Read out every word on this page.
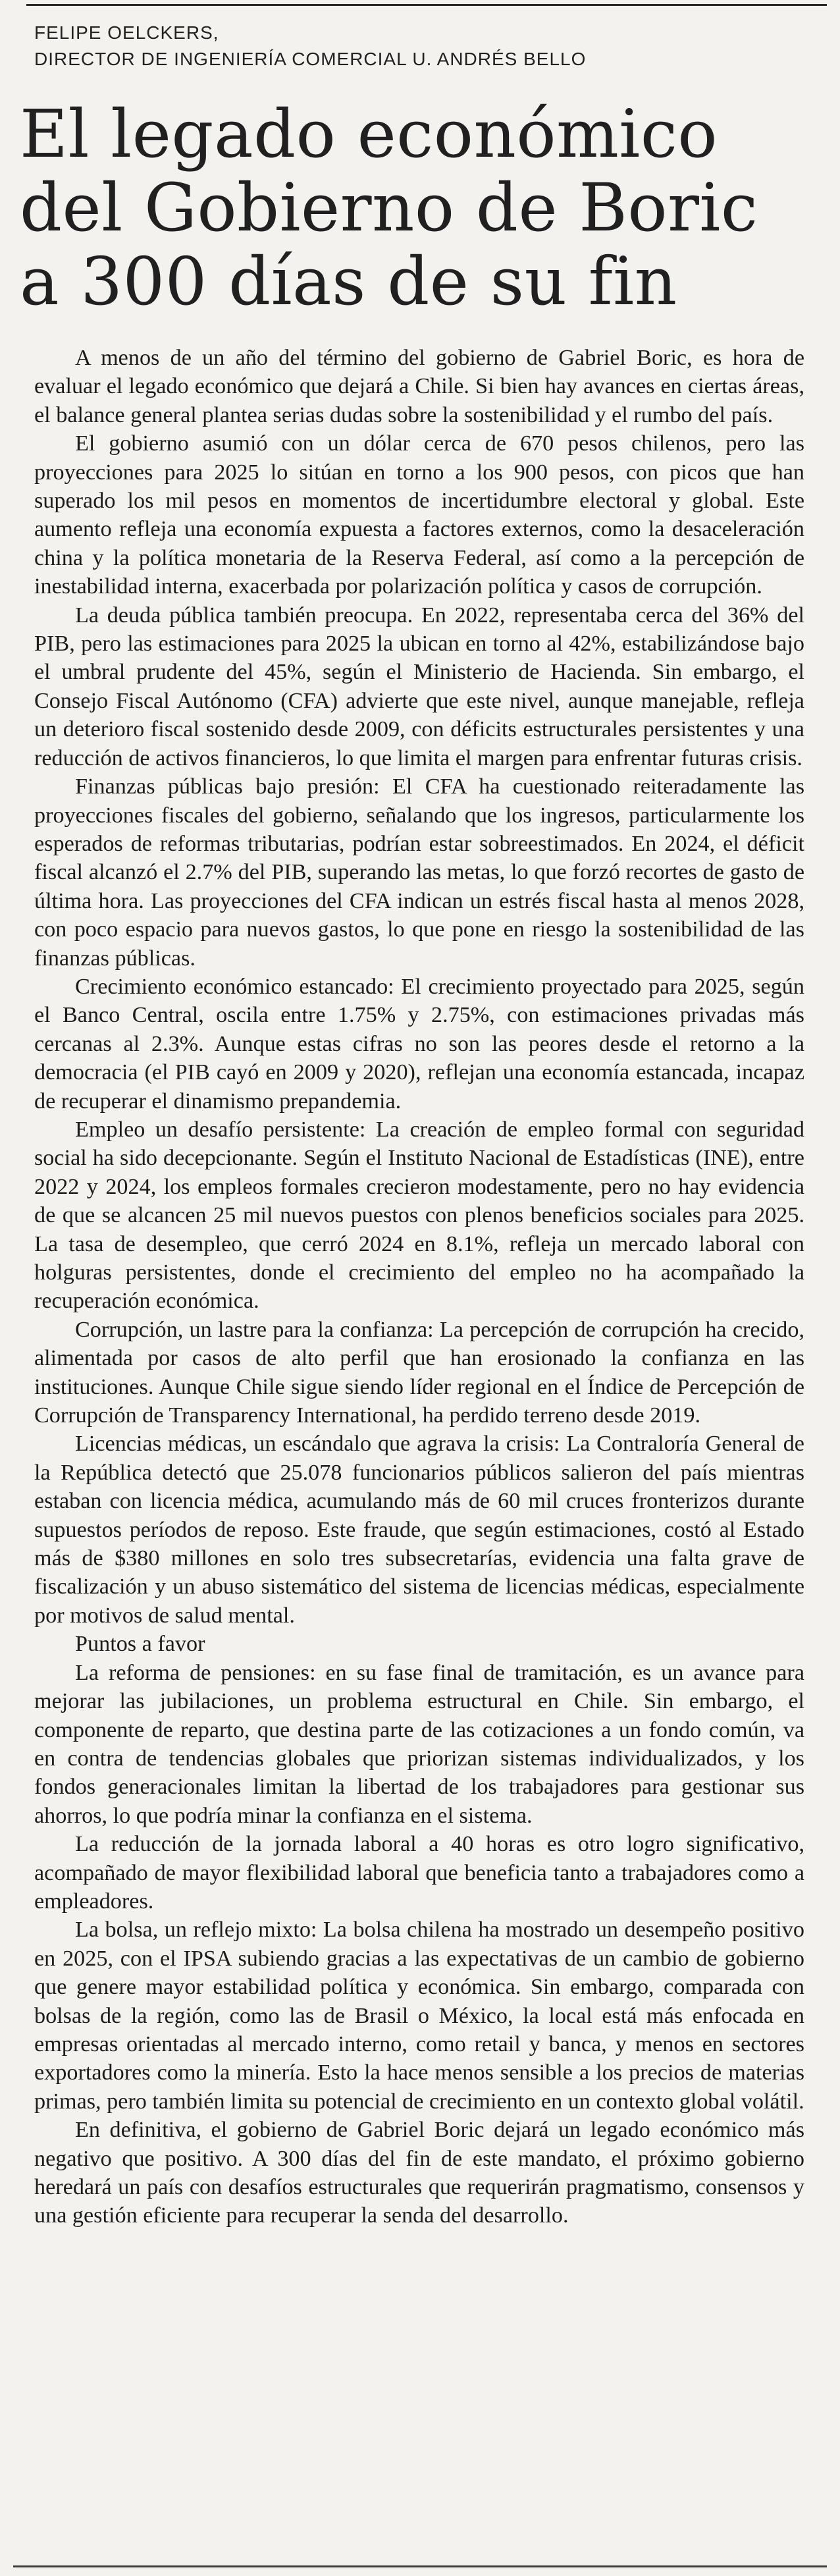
FELIPE OELCKERS,
DIRECTOR DE INGENIERÍA COMERCIAL U. ANDRÉS BELLO
El legado económico
del Gobierno de Boric
a 300 días de su fin

A menos de un año del término del gobierno de Gabriel Boric, es hora de evaluar el legado económico que dejará a Chile. Si bien hay avances en ciertas áreas, el balance general plantea serias dudas sobre la sostenibilidad y el rumbo del país.

El gobierno asumió con un dólar cerca de 670 pesos chilenos, pero las proyecciones para 2025 lo sitúan en torno a los 900 pesos, con picos que han superado los mil pesos en momentos de incertidumbre electoral y global. Este aumento refleja una economía expuesta a factores externos, como la desaceleración china y la política monetaria de la Reserva Federal, así como a la percepción de inestabilidad interna, exacerbada por polarización política y casos de corrupción.

La deuda pública también preocupa. En 2022, representaba cerca del 36% del PIB, pero las estimaciones para 2025 la ubican en torno al 42%, estabilizándose bajo el umbral prudente del 45%, según el Ministerio de Hacienda. Sin embargo, el Consejo Fiscal Autónomo (CFA) advierte que este nivel, aunque manejable, refleja un deterioro fiscal sostenido desde 2009, con déficits estructurales persistentes y una reducción de activos financieros, lo que limita el margen para enfrentar futuras crisis.

Finanzas públicas bajo presión: El CFA ha cuestionado reiteradamente las proyecciones fiscales del gobierno, señalando que los ingresos, particularmente los esperados de reformas tributarias, podrían estar sobreestimados. En 2024, el déficit fiscal alcanzó el 2.7% del PIB, superando las metas, lo que forzó recortes de gasto de última hora. Las proyecciones del CFA indican un estrés fiscal hasta al menos 2028, con poco espacio para nuevos gastos, lo que pone en riesgo la sostenibilidad de las finanzas públicas.

Crecimiento económico estancado: El crecimiento proyectado para 2025, según el Banco Central, oscila entre 1.75% y 2.75%, con estimaciones privadas más cercanas al 2.3%. Aunque estas cifras no son las peores desde el retorno a la democracia (el PIB cayó en 2009 y 2020), reflejan una economía estancada, incapaz de recuperar el dinamismo prepandemia.

Empleo un desafío persistente: La creación de empleo formal con seguridad social ha sido decepcionante. Según el Instituto Nacional de Estadísticas (INE), entre 2022 y 2024, los empleos formales crecieron modestamente, pero no hay evidencia de que se alcancen 25 mil nuevos puestos con plenos beneficios sociales para 2025. La tasa de desempleo, que cerró 2024 en 8.1%, refleja un mercado laboral con holguras persistentes, donde el crecimiento del empleo no ha acompañado la recuperación económica.

Corrupción, un lastre para la confianza: La percepción de corrupción ha crecido, alimentada por casos de alto perfil que han erosionado la confianza en las instituciones. Aunque Chile sigue siendo líder regional en el Índice de Percepción de Corrupción de Transparency International, ha perdido terreno desde 2019.

Licencias médicas, un escándalo que agrava la crisis: La Contraloría General de la República detectó que 25.078 funcionarios públicos salieron del país mientras estaban con licencia médica, acumulando más de 60 mil cruces fronterizos durante supuestos períodos de reposo. Este fraude, que según estimaciones, costó al Estado más de $380 millones en solo tres subsecretarías, evidencia una falta grave de fiscalización y un abuso sistemático del sistema de licencias médicas, especialmente por motivos de salud mental.

Puntos a favor

La reforma de pensiones: en su fase final de tramitación, es un avance para mejorar las jubilaciones, un problema estructural en Chile. Sin embargo, el componente de reparto, que destina parte de las cotizaciones a un fondo común, va en contra de tendencias globales que priorizan sistemas individualizados, y los fondos generacionales limitan la libertad de los trabajadores para gestionar sus ahorros, lo que podría minar la confianza en el sistema.

La reducción de la jornada laboral a 40 horas es otro logro significativo, acompañado de mayor flexibilidad laboral que beneficia tanto a trabajadores como a empleadores.

La bolsa, un reflejo mixto: La bolsa chilena ha mostrado un desempeño positivo en 2025, con el IPSA subiendo gracias a las expectativas de un cambio de gobierno que genere mayor estabilidad política y económica. Sin embargo, comparada con bolsas de la región, como las de Brasil o México, la local está más enfocada en empresas orientadas al mercado interno, como retail y banca, y menos en sectores exportadores como la minería. Esto la hace menos sensible a los precios de materias primas, pero también limita su potencial de crecimiento en un contexto global volátil.

En definitiva, el gobierno de Gabriel Boric dejará un legado económico más negativo que positivo. A 300 días del fin de este mandato, el próximo gobierno heredará un país con desafíos estructurales que requerirán pragmatismo, consensos y una gestión eficiente para recuperar la senda del desarrollo.
